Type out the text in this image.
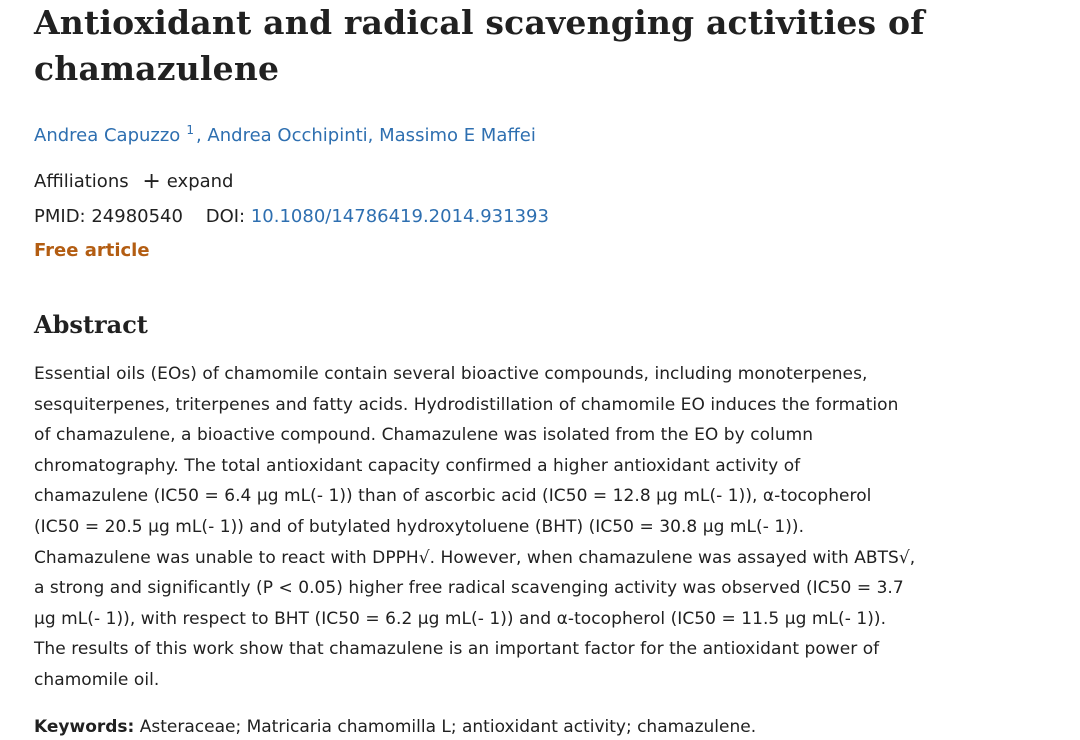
Antioxidant and radical scavenging activities of chamazulene
Andrea Capuzzo $^1$ , Andrea Occhipinti, Massimo E Maffei
Affiliations + expand
PMID: 24980540 DOI: 10.1080/14786419.2014.931393
Free article
Abstract
Essential oils (EOs) of chamomile contain several bioactive compounds, including monoterpenes,
sesquiterpenes, triterpenes and fatty acids. Hydrodistillation of chamomile EO induces the formation
of chamazulene, a bioactive compound. Chamazulene was isolated from the EO by column
chromatography. The total antioxidant capacity confirmed a higher antioxidant activity of
chamazulene (IC50 = 6.4 μg mL(- 1)) than of ascorbic acid (IC50 = 12.8 μg mL(- 1)), α-tocopherol
(IC50 = 20.5 μg mL(- 1)) and of butylated hydroxytoluene (BHT) (IC50 = 30.8 μg mL(- 1)).
Chamazulene was unable to react with DPPH√. However, when chamazulene was assayed with ABTS√,
a strong and significantly (P < 0.05) higher free radical scavenging activity was observed (IC50 = 3.7
μg mL(- 1)), with respect to BHT (IC50 = 6.2 μg mL(- 1)) and α-tocopherol (IC50 = 11.5 μg mL(- 1)).
The results of this work show that chamazulene is an important factor for the antioxidant power of
chamomile oil.
Keywords: Asteraceae; Matricaria chamomilla L; antioxidant activity; chamazulene.
